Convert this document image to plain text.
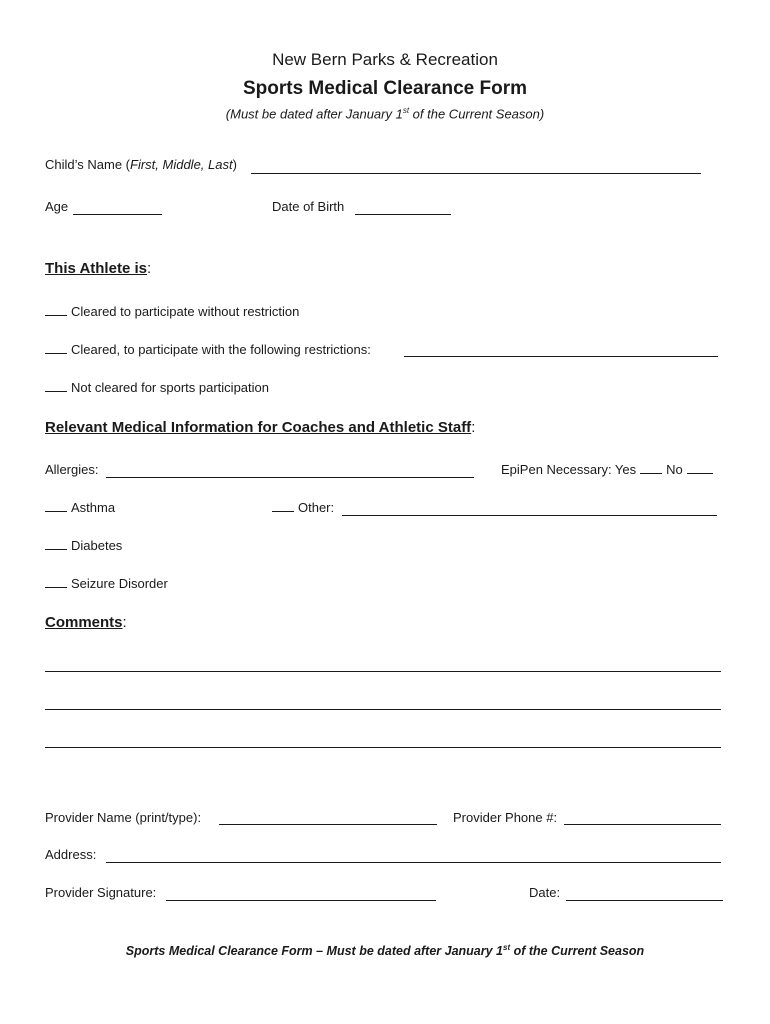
New Bern Parks & Recreation
Sports Medical Clearance Form
(Must be dated after January 1st of the Current Season)
Child’s Name (First, Middle, Last)
Age	Date of Birth
This Athlete is:
Cleared to participate without restriction
Cleared, to participate with the following restrictions:
Not cleared for sports participation
Relevant Medical Information for Coaches and Athletic Staff:
Allergies:	EpiPen Necessary: Yes No
Asthma	Other:
Diabetes
Seizure Disorder
Comments:
Provider Name (print/type):	Provider Phone #:
Address:
Provider Signature:	Date:
Sports Medical Clearance Form – Must be dated after January 1st of the Current Season
